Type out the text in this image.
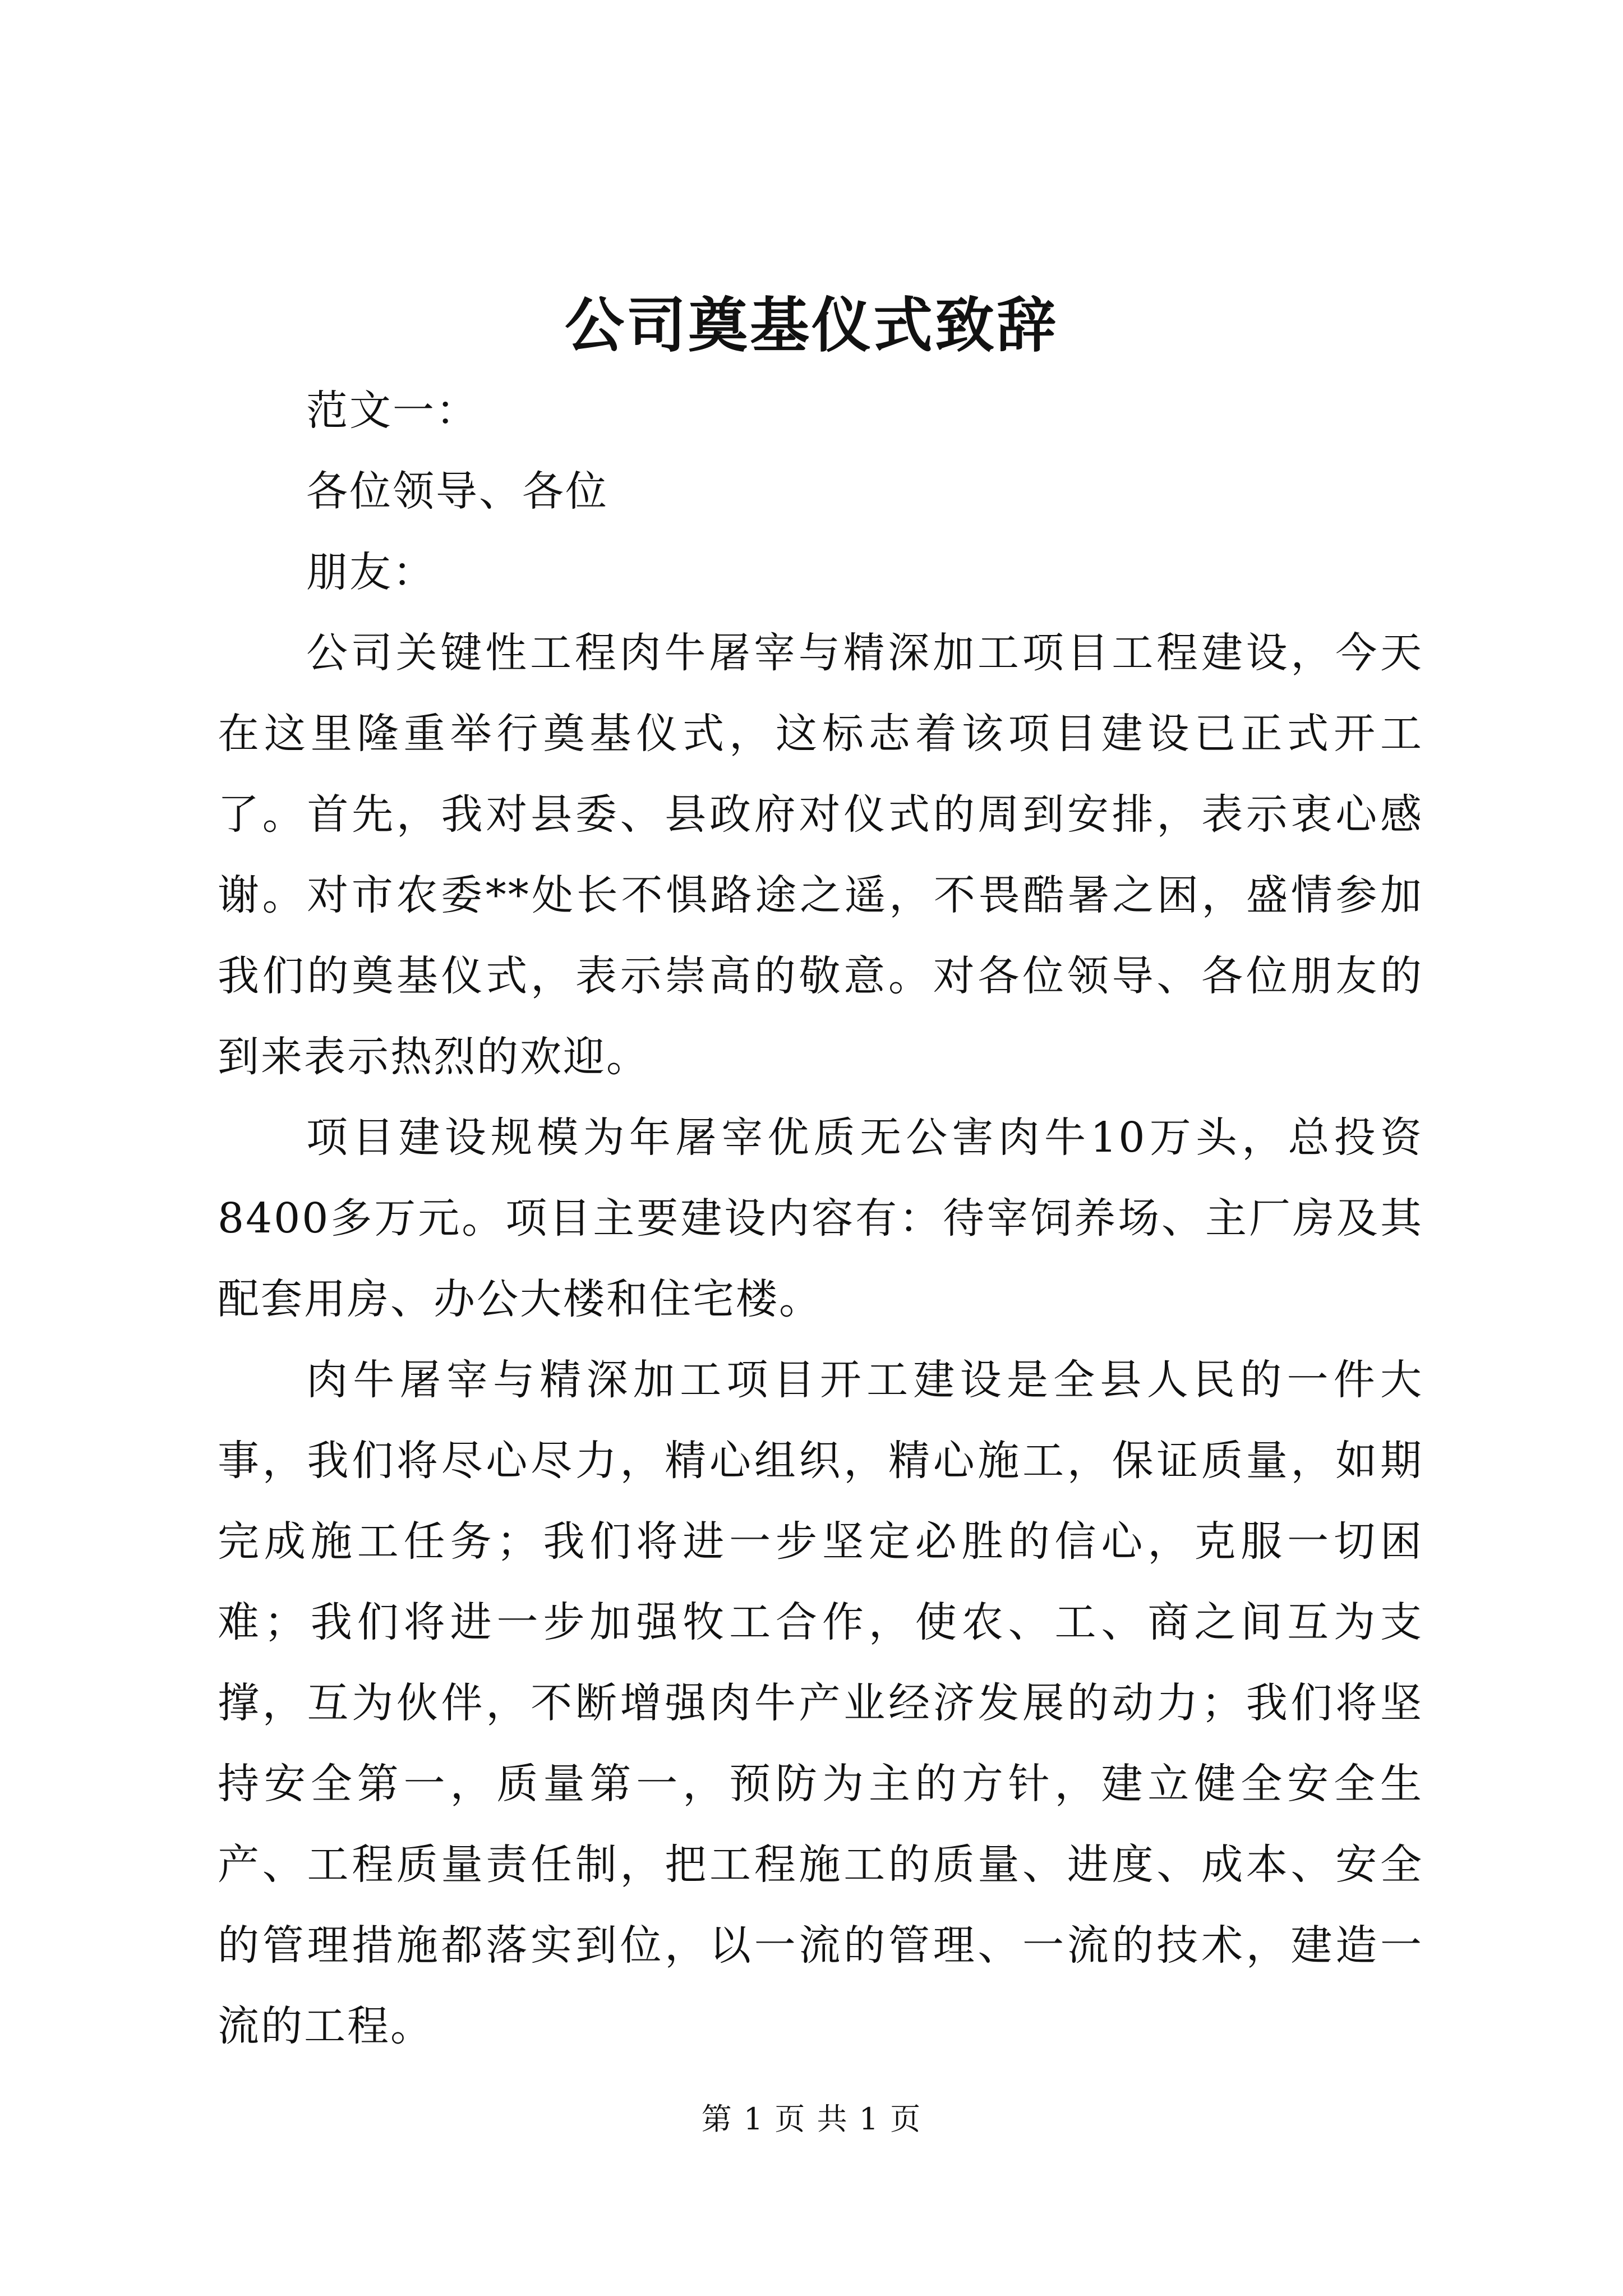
公司奠基仪式致辞

范文一：

各位领导、各位

朋友：

公司关键性工程肉牛屠宰与精深加工项目工程建设，今天在这里隆重举行奠基仪式，这标志着该项目建设已正式开工了。首先，我对县委、县政府对仪式的周到安排，表示衷心感谢。对市农委**处长不惧路途之遥，不畏酷暑之困，盛情参加我们的奠基仪式，表示崇高的敬意。对各位领导、各位朋友的到来表示热烈的欢迎。

项目建设规模为年屠宰优质无公害肉牛10万头，总投资8400多万元。项目主要建设内容有：待宰饲养场、主厂房及其配套用房、办公大楼和住宅楼。

肉牛屠宰与精深加工项目开工建设是全县人民的一件大事，我们将尽心尽力，精心组织，精心施工，保证质量，如期完成施工任务；我们将进一步坚定必胜的信心，克服一切困难；我们将进一步加强牧工合作，使农、工、商之间互为支撑，互为伙伴，不断增强肉牛产业经济发展的动力；我们将坚持安全第一，质量第一，预防为主的方针，建立健全安全生产、工程质量责任制，把工程施工的质量、进度、成本、安全的管理措施都落实到位，以一流的管理、一流的技术，建造一流的工程。

第 1 页 共 1 页
